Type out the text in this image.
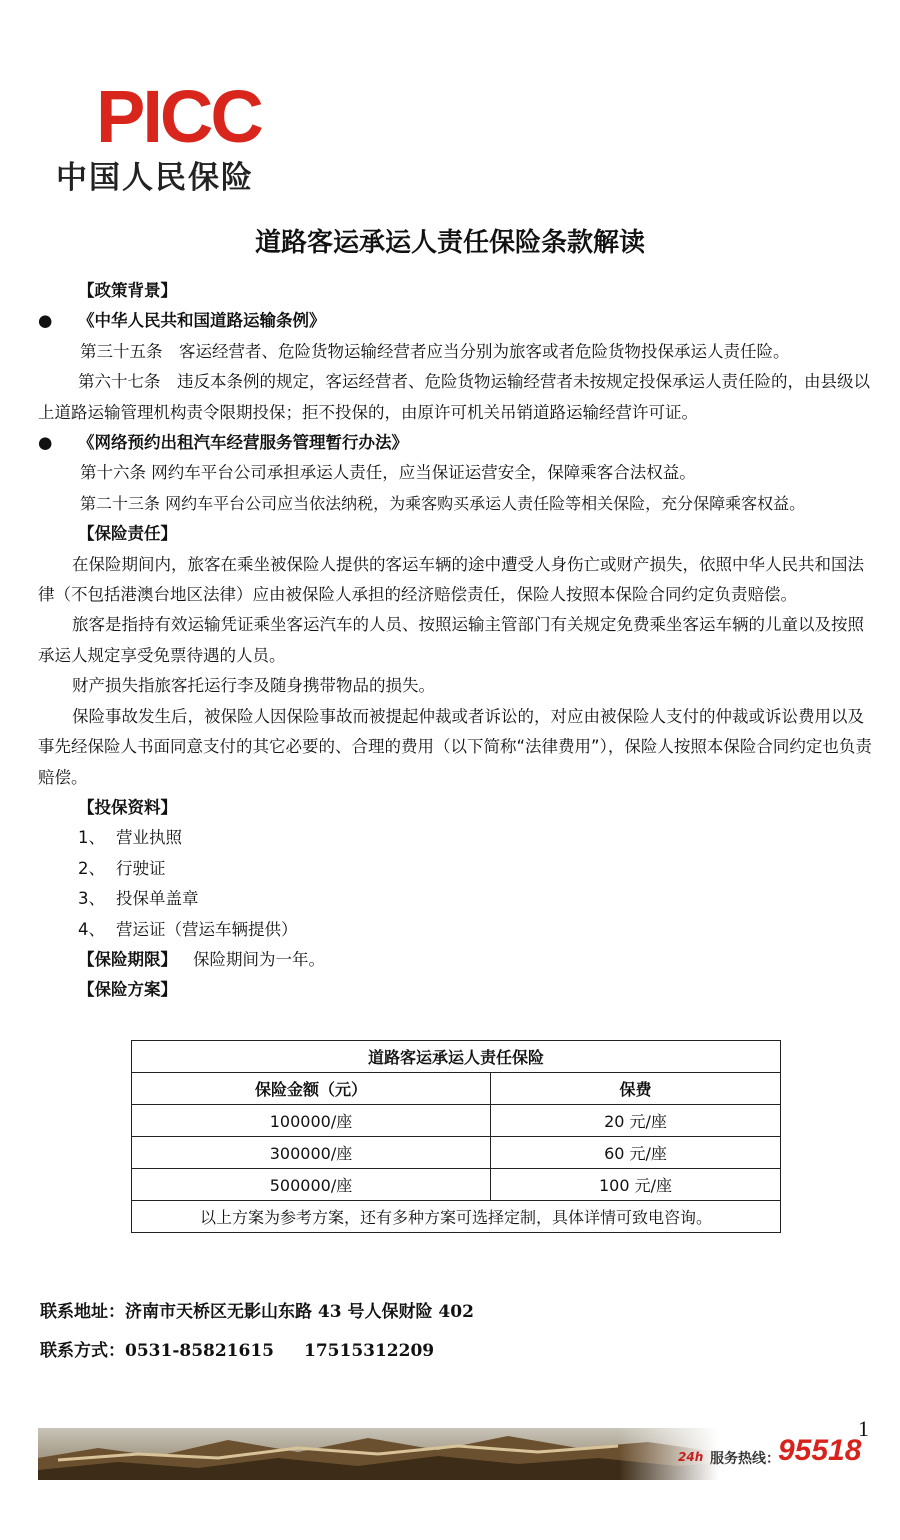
PICC
中国人民保险
道路客运承运人责任保险条款解读

【政策背景】

● 《中华人民共和国道路运输条例》

第三十五条　客运经营者、危险货物运输经营者应当分别为旅客或者危险货物投保承运人责任险。

第六十七条　违反本条例的规定，客运经营者、危险货物运输经营者未按规定投保承运人责任险的，由县级以上道路运输管理机构责令限期投保；拒不投保的，由原许可机关吊销道路运输经营许可证。

● 《网络预约出租汽车经营服务管理暂行办法》

第十六条 网约车平台公司承担承运人责任，应当保证运营安全，保障乘客合法权益。

第二十三条 网约车平台公司应当依法纳税，为乘客购买承运人责任险等相关保险，充分保障乘客权益。

【保险责任】

在保险期间内，旅客在乘坐被保险人提供的客运车辆的途中遭受人身伤亡或财产损失，依照中华人民共和国法律（不包括港澳台地区法律）应由被保险人承担的经济赔偿责任，保险人按照本保险合同约定负责赔偿。

旅客是指持有效运输凭证乘坐客运汽车的人员、按照运输主管部门有关规定免费乘坐客运车辆的儿童以及按照承运人规定享受免票待遇的人员。

财产损失指旅客托运行李及随身携带物品的损失。

保险事故发生后，被保险人因保险事故而被提起仲裁或者诉讼的，对应由被保险人支付的仲裁或诉讼费用以及事先经保险人书面同意支付的其它必要的、合理的费用（以下简称“法律费用”），保险人按照本保险合同约定也负责赔偿。

【投保资料】

1、 营业执照

2、 行驶证

3、 投保单盖章

4、 营运证（营运车辆提供）

【保险期限】 保险期间为一年。

【保险方案】

道路客运承运人责任保险	
保险金额（元）	保费
100000/座	20 元/座
300000/座	60 元/座
500000/座	100 元/座
以上方案为参考方案，还有多种方案可选择定制，具体详情可致电咨询。	
联系地址：济南市天桥区无影山东路 43 号人保财险 402
联系方式：0531-85821615 17515312209
24h 服务热线：
95518
1
